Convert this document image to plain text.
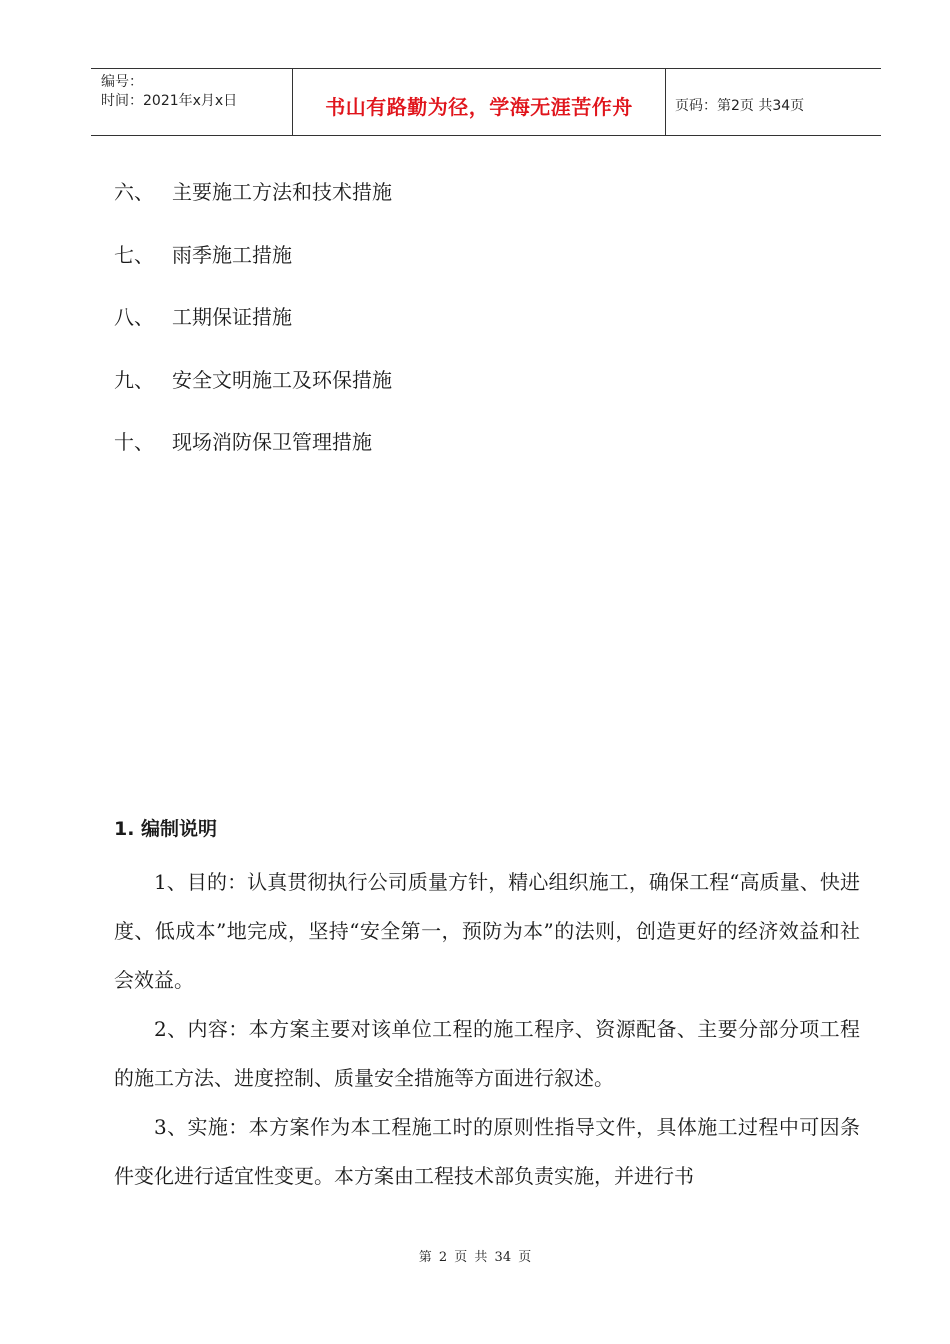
编号：
时间：2021年x月x日	书山有路勤为径，学海无涯苦作舟	页码：第2页 共34页
六、 主要施工方法和技术措施
七、 雨季施工措施
八、 工期保证措施
九、 安全文明施工及环保措施
十、 现场消防保卫管理措施
1. 编制说明

1、目的：认真贯彻执行公司质量方针，精心组织施工，确保工程“高质量、快进度、低成本”地完成，坚持“安全第一，预防为本”的法则，创造更好的经济效益和社会效益。

2、内容：本方案主要对该单位工程的施工程序、资源配备、主要分部分项工程的施工方法、进度控制、质量安全措施等方面进行叙述。

3、实施：本方案作为本工程施工时的原则性指导文件，具体施工过程中可因条件变化进行适宜性变更。本方案由工程技术部负责实施，并进行书

第 2 页 共 34 页
